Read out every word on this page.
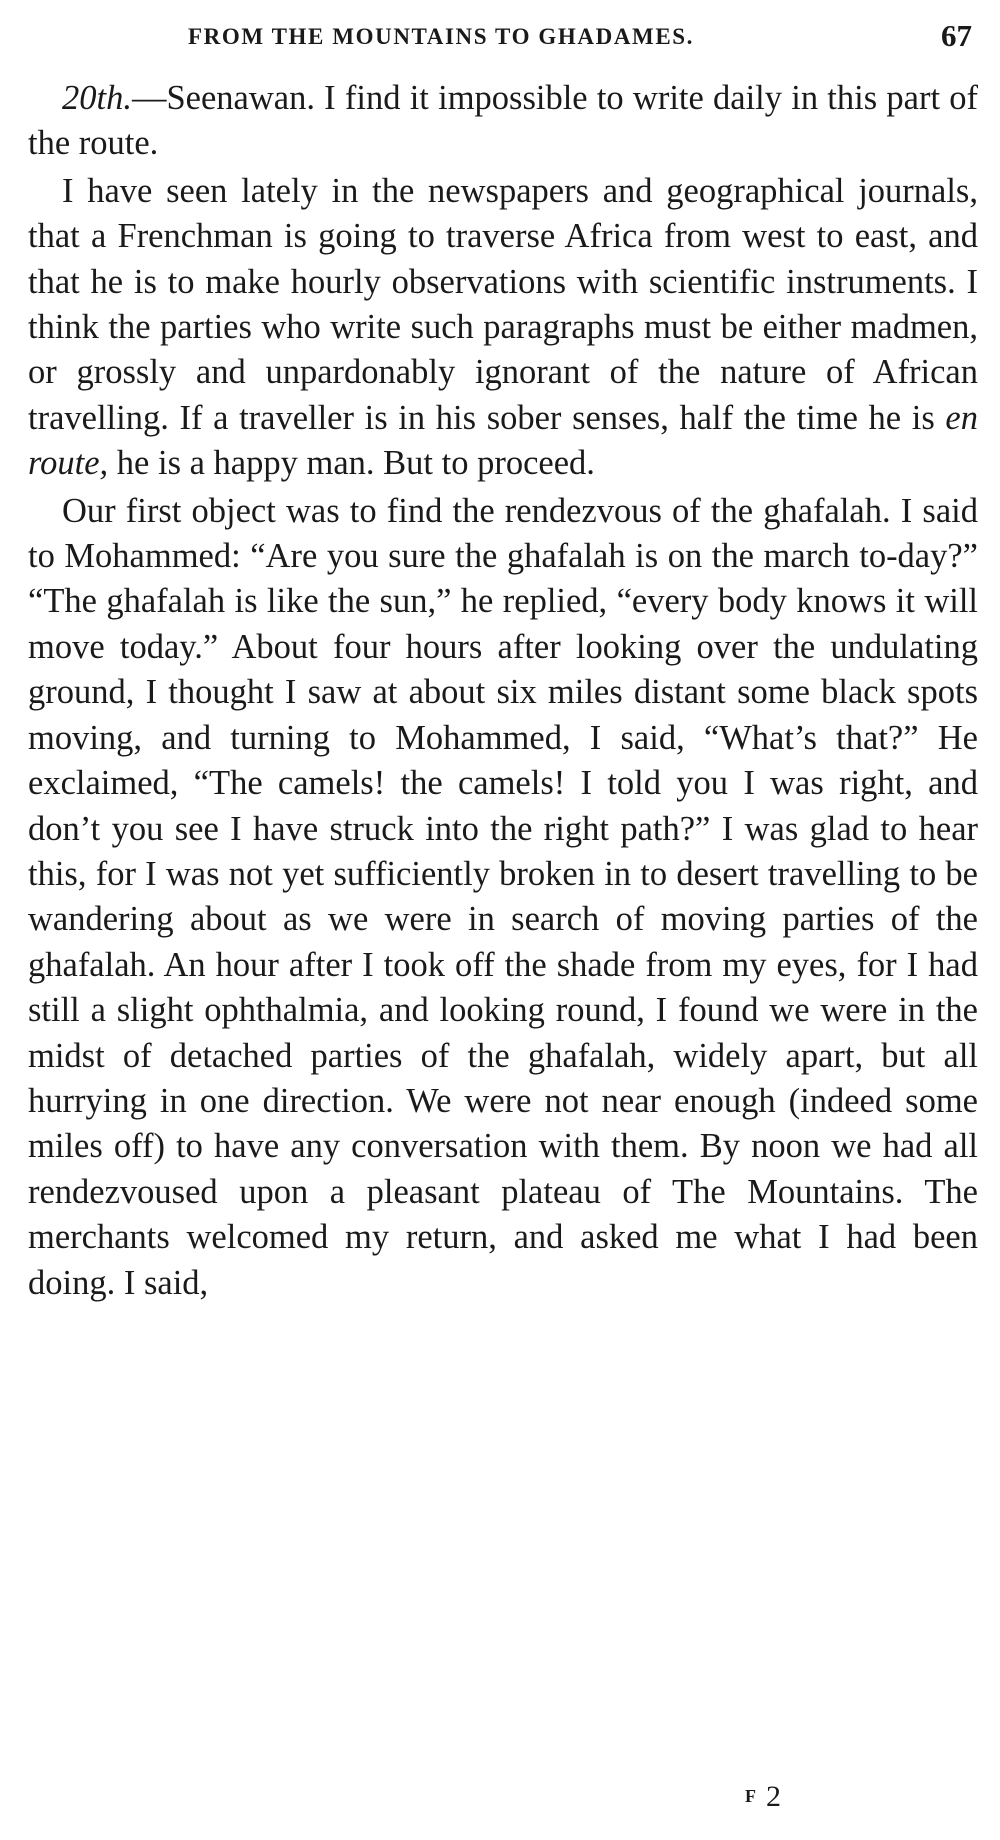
FROM THE MOUNTAINS TO GHADAMES.	67

20th.—Seenawan. I find it impossible to write daily in this part of the route.

I have seen lately in the newspapers and geographical journals, that a Frenchman is going to traverse Africa from west to east, and that he is to make hourly observations with scientific instruments. I think the parties who write such paragraphs must be either madmen, or grossly and unpardonably ignorant of the nature of African travelling. If a traveller is in his sober senses, half the time he is en route, he is a happy man. But to proceed.

Our first object was to find the rendezvous of the ghafalah. I said to Mohammed: “Are you sure the ghafalah is on the march to-day?” “The ghafalah is like the sun,” he replied, “every body knows it will move today.” About four hours after looking over the undulating ground, I thought I saw at about six miles distant some black spots moving, and turning to Mohammed, I said, “What’s that?” He exclaimed, “The camels! the camels! I told you I was right, and don’t you see I have struck into the right path?” I was glad to hear this, for I was not yet sufficiently broken in to desert travelling to be wandering about as we were in search of moving parties of the ghafalah. An hour after I took off the shade from my eyes, for I had still a slight ophthalmia, and looking round, I found we were in the midst of detached parties of the ghafalah, widely apart, but all hurrying in one direction. We were not near enough (indeed some miles off) to have any conversation with them. By noon we had all rendezvoused upon a pleasant plateau of The Mountains. The merchants welcomed my return, and asked me what I had been doing. I said,

F 2
